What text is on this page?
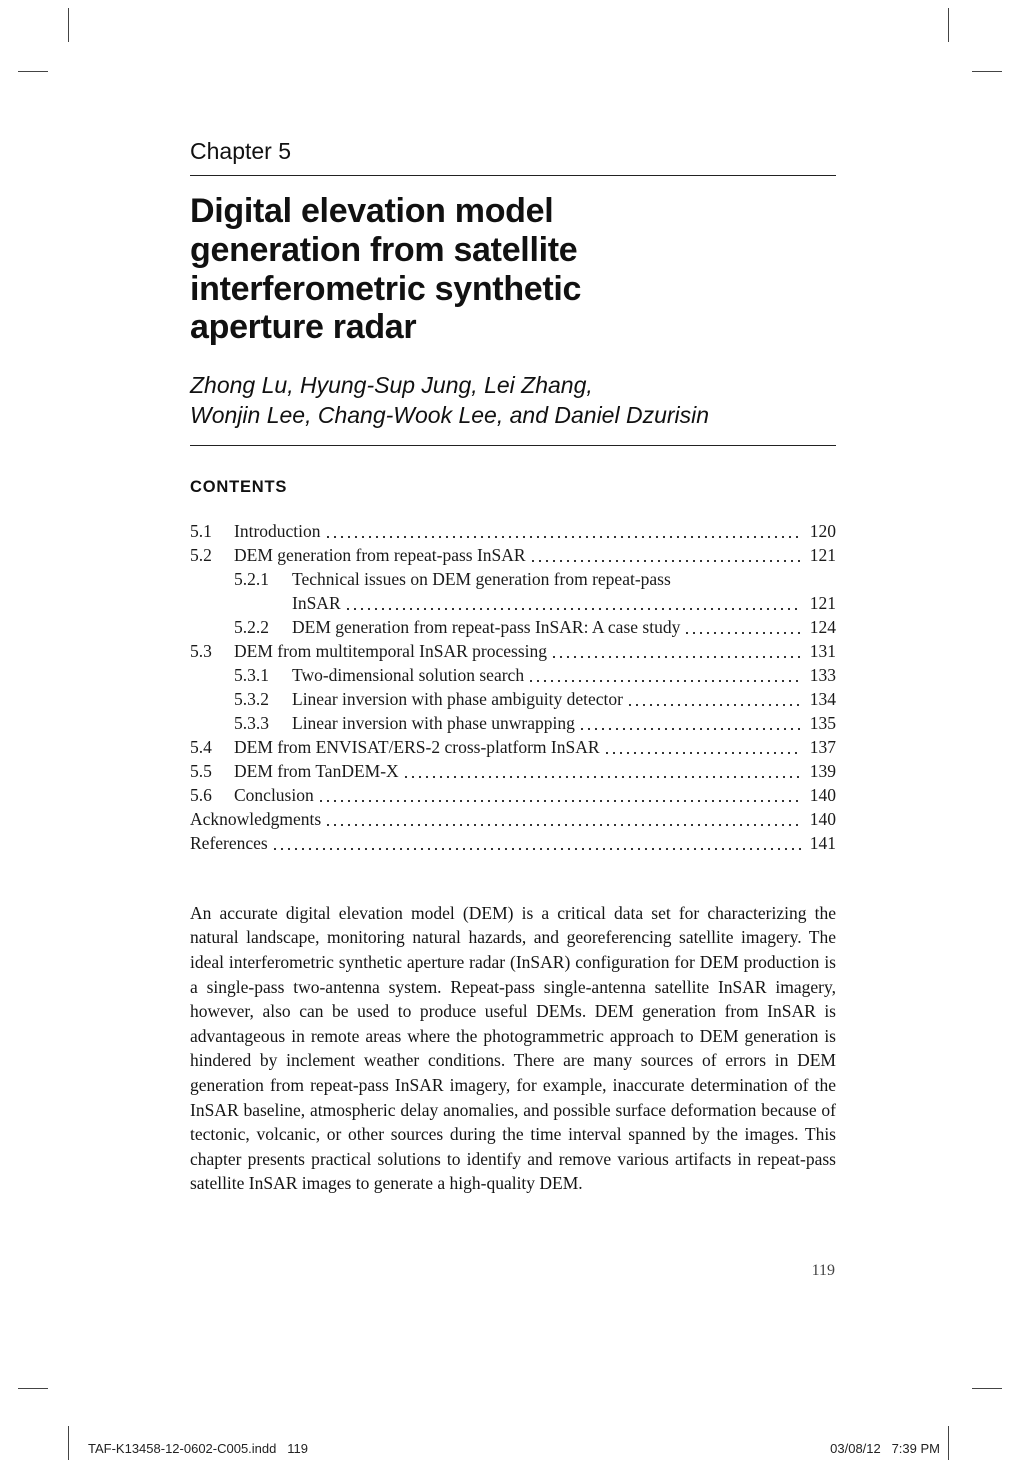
Chapter 5
Digital elevation model generation from satellite interferometric synthetic aperture radar
Zhong Lu, Hyung-Sup Jung, Lei Zhang,
Wonjin Lee, Chang-Wook Lee, and Daniel Dzurisin
CONTENTS
5.1	Introduction	120
5.2	DEM generation from repeat-pass InSAR	121
5.2.1	Technical issues on DEM generation from repeat-pass
InSAR	121
5.2.2	DEM generation from repeat-pass InSAR: A case study	124
5.3	DEM from multitemporal InSAR processing	131
5.3.1	Two-dimensional solution search	133
5.3.2	Linear inversion with phase ambiguity detector	134
5.3.3	Linear inversion with phase unwrapping	135
5.4	DEM from ENVISAT/ERS-2 cross-platform InSAR	137
5.5	DEM from TanDEM-X	139
5.6	Conclusion	140
Acknowledgments	140
References	141

An accurate digital elevation model (DEM) is a critical data set for characterizing the natural landscape, monitoring natural hazards, and georeferencing satellite imagery. The ideal interferometric synthetic aperture radar (InSAR) configuration for DEM production is a single-pass two-antenna system. Repeat-pass single-antenna satellite InSAR imagery, however, also can be used to produce useful DEMs. DEM generation from InSAR is advantageous in remote areas where the photogrammetric approach to DEM generation is hindered by inclement weather conditions. There are many sources of errors in DEM generation from repeat-pass InSAR imagery, for example, inaccurate determination of the InSAR baseline, atmospheric delay anomalies, and possible surface deformation because of tectonic, volcanic, or other sources during the time interval spanned by the images. This chapter presents practical solutions to identify and remove various artifacts in repeat-pass satellite InSAR images to generate a high-quality DEM.

119
TAF-K13458-12-0602-C005.indd   119	03/08/12   7:39 PM
